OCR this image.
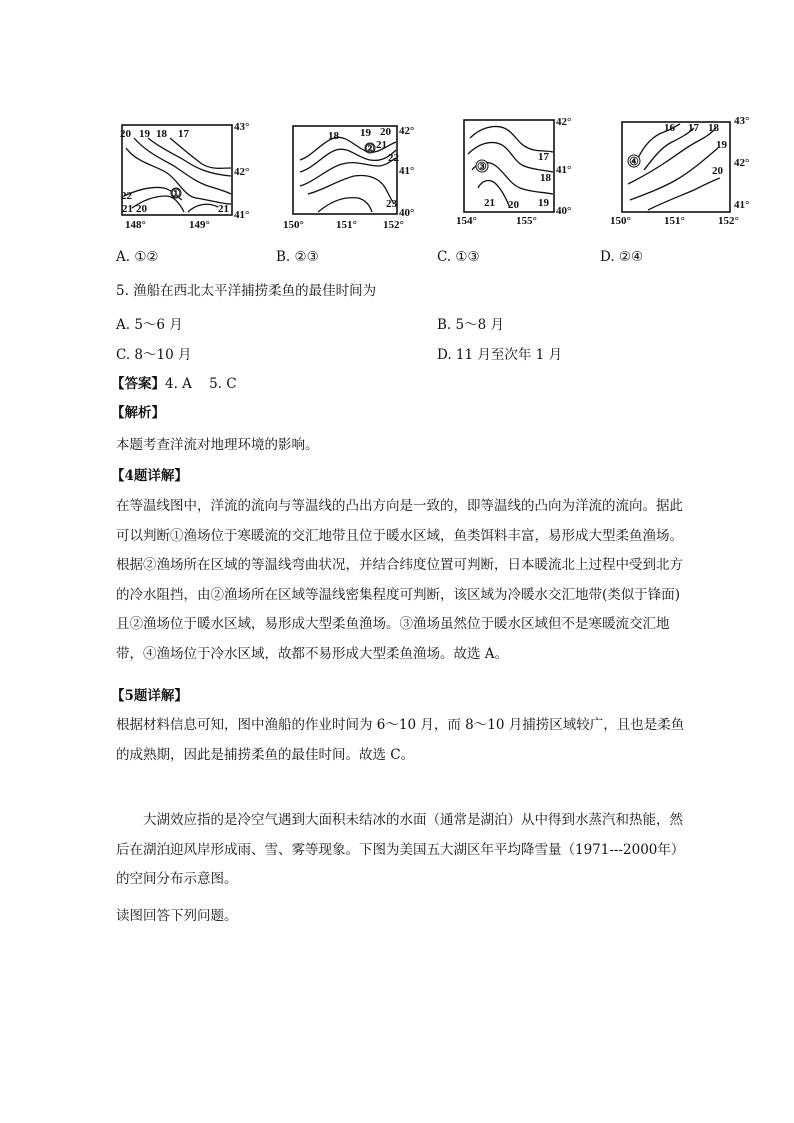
①
20 19 18 17
22
21 20	21
43°
42°
41°
148°	149°
②
18 19 20
21
22
23
42°
41°
40°
150°	151° 152°
③
17
18
19
20
21
42°
41°
40°
154°	155°
④
16 17 18
19
20
43°
42°
41°
150°	151°	152°
A. ①②	B. ②③	C. ①③	D. ②④
5. 渔船在西北太平洋捕捞柔鱼的最佳时间为
A. 5～6 月	B. 5～8 月
C. 8～10 月	D. 11 月至次年 1 月
【答案】4. A    5. C
【解析】
本题考查洋流对地理环境的影响。
【4题详解】
在等温线图中，洋流的流向与等温线的凸出方向是一致的，即等温线的凸向为洋流的流向。据此可以判断①渔场位于寒暖流的交汇地带且位于暖水区域，鱼类饵料丰富，易形成大型柔鱼渔场。根据②渔场所在区域的等温线弯曲状况，并结合纬度位置可判断，日本暖流北上过程中受到北方的冷水阻挡，由②渔场所在区域等温线密集程度可判断，该区域为冷暖水交汇地带(类似于锋面)且②渔场位于暖水区域，易形成大型柔鱼渔场。③渔场虽然位于暖水区域但不是寒暖流交汇地带，④渔场位于冷水区域，故都不易形成大型柔鱼渔场。故选 A。
【5题详解】
根据材料信息可知，图中渔船的作业时间为 6～10 月，而 8～10 月捕捞区域较广，且也是柔鱼的成熟期，因此是捕捞柔鱼的最佳时间。故选 C。
大湖效应指的是冷空气遇到大面积未结冰的水面（通常是湖泊）从中得到水蒸汽和热能，然后在湖泊迎风岸形成雨、雪、雾等现象。下图为美国五大湖区年平均降雪量（1971---2000年）的空间分布示意图。
读图回答下列问题。
